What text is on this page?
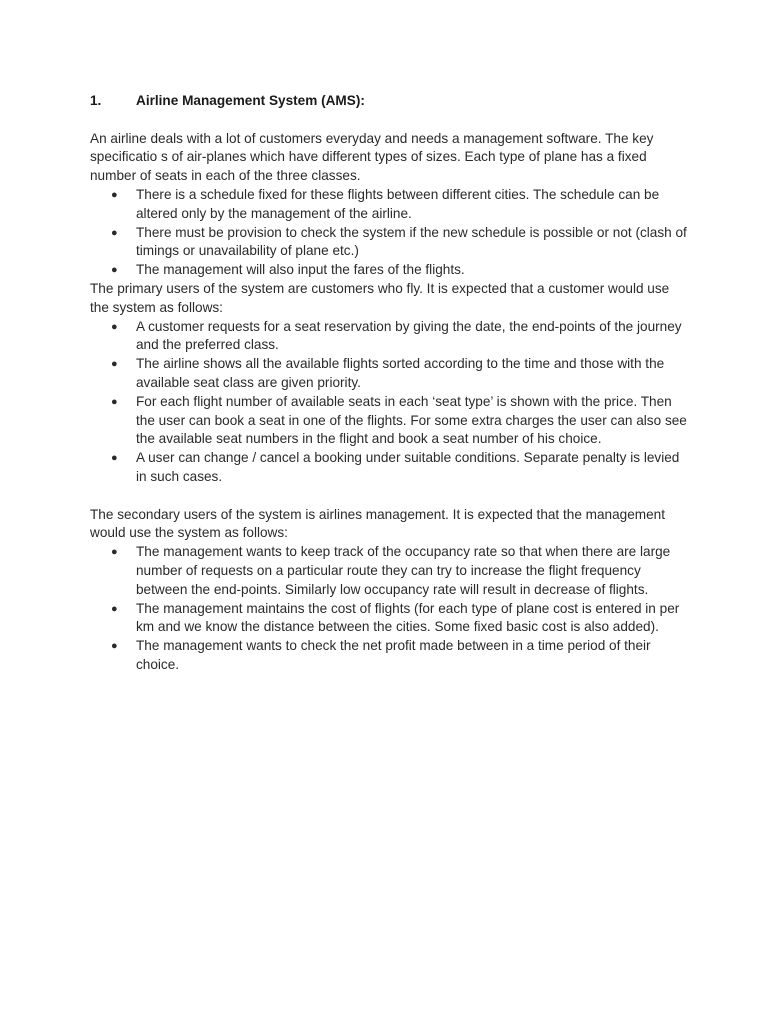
1.	Airline Management System (AMS):

An airline deals with a lot of customers everyday and needs a management software. The key specificatio s of air-planes which have different types of sizes. Each type of plane has a fixed number of seats in each of the three classes.

● There is a schedule fixed for these flights between different cities. The schedule can be altered only by the management of the airline.
● There must be provision to check the system if the new schedule is possible or not (clash of timings or unavailability of plane etc.)
● The management will also input the fares of the flights.

The primary users of the system are customers who fly. It is expected that a customer would use the system as follows:

● A customer requests for a seat reservation by giving the date, the end-points of the journey and the preferred class.
● The airline shows all the available flights sorted according to the time and those with the available seat class are given priority.
● For each flight number of available seats in each ‘seat type’ is shown with the price. Then the user can book a seat in one of the flights. For some extra charges the user can also see the available seat numbers in the flight and book a seat number of his choice.
● A user can change / cancel a booking under suitable conditions. Separate penalty is levied in such cases.

The secondary users of the system is airlines management. It is expected that the management would use the system as follows:

● The management wants to keep track of the occupancy rate so that when there are large number of requests on a particular route they can try to increase the flight frequency between the end-points. Similarly low occupancy rate will result in decrease of flights.
● The management maintains the cost of flights (for each type of plane cost is entered in per km and we know the distance between the cities. Some fixed basic cost is also added).
● The management wants to check the net profit made between in a time period of their choice.
